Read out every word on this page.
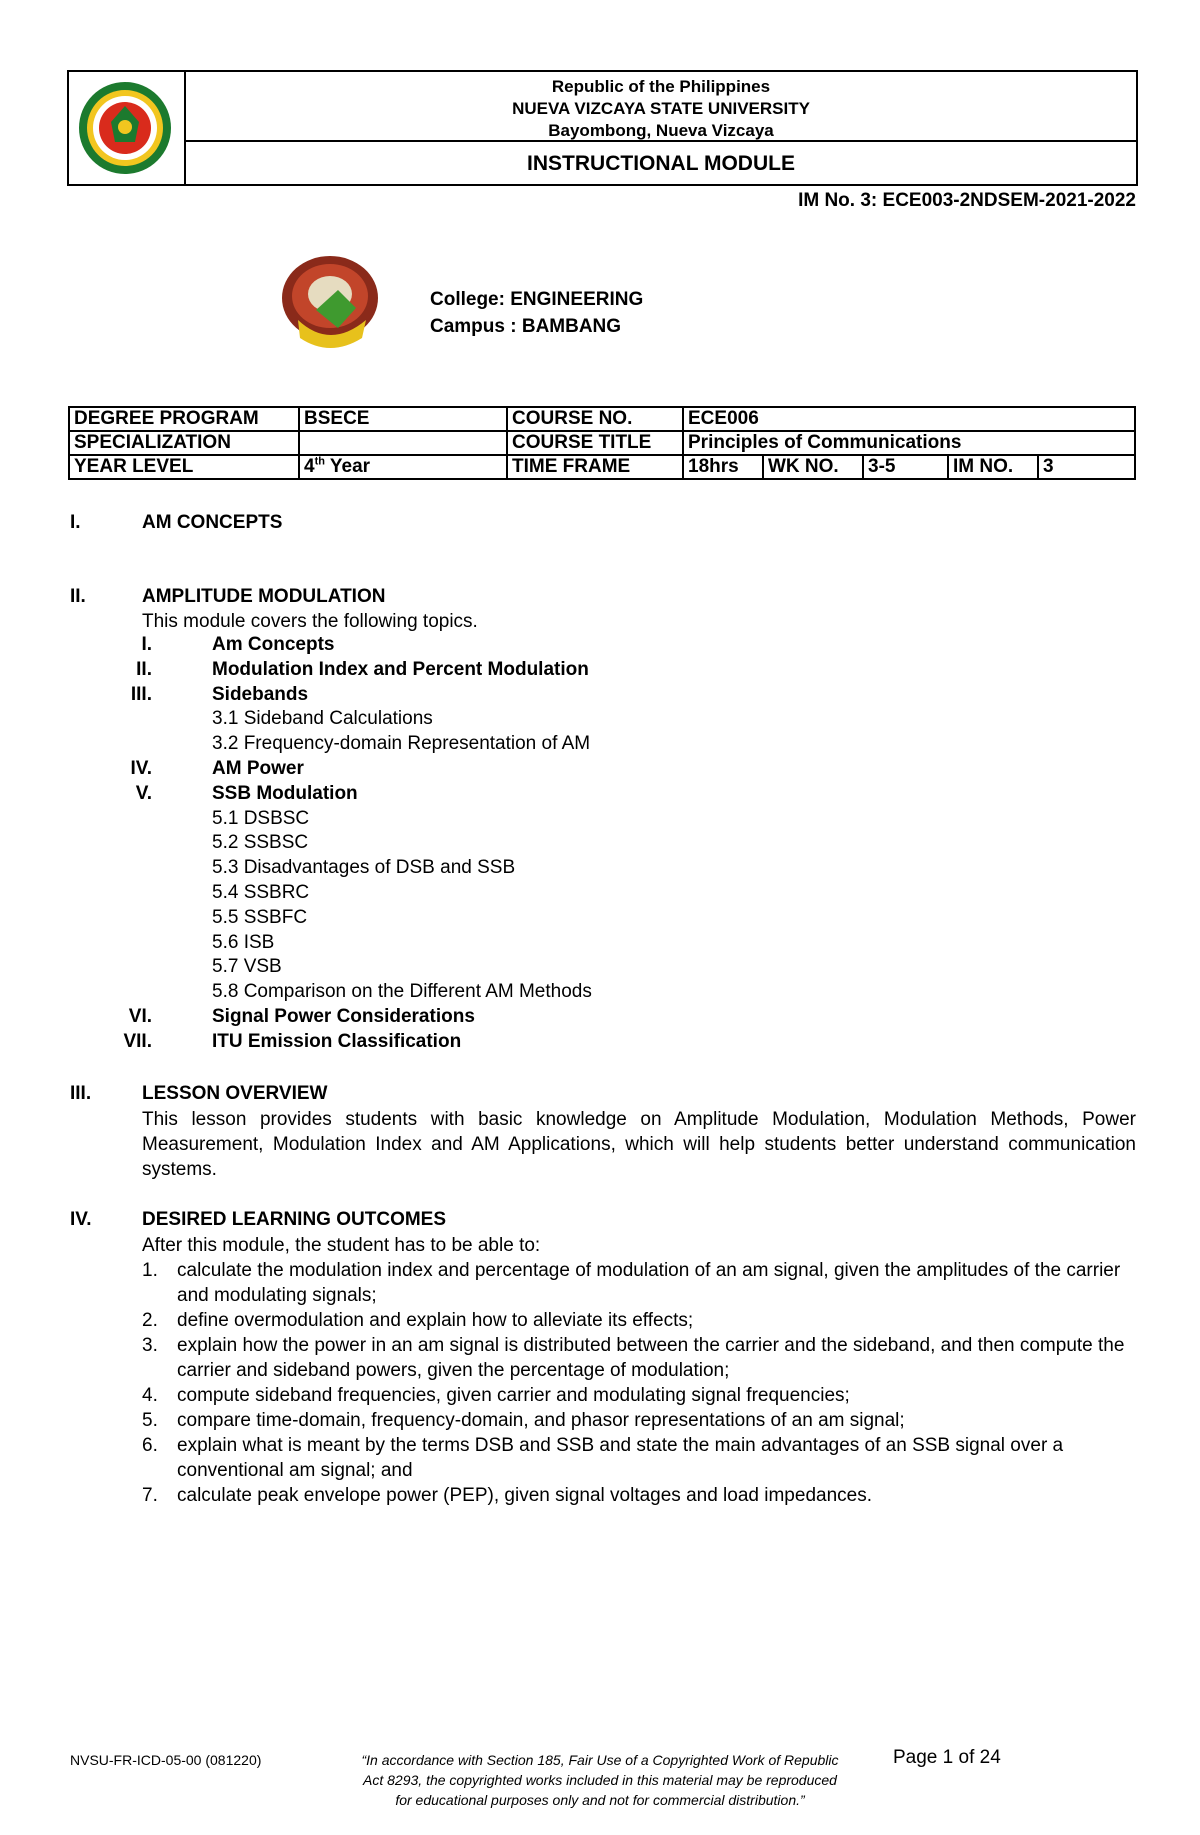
Republic of the Philippines
NUEVA VIZCAYA STATE UNIVERSITY
Bayombong, Nueva Vizcaya
INSTRUCTIONAL MODULE
IM No. 3: ECE003-2NDSEM-2021-2022
College: ENGINEERING
Campus : BAMBANG
DEGREE PROGRAM	BSECE	COURSE NO.	ECE006				
SPECIALIZATION		COURSE TITLE	Principles of Communications				
YEAR LEVEL	4th Year	TIME FRAME	18hrs	WK NO.	3-5	IM NO.	3
I.	AM CONCEPTS
II.	AMPLITUDE MODULATION
This module covers the following topics.
I.	Am Concepts
II.	Modulation Index and Percent Modulation
III.	Sidebands
3.1 Sideband Calculations
3.2 Frequency-domain Representation of AM
IV.	AM Power
V.	SSB Modulation
5.1 DSBSC
5.2 SSBSC
5.3 Disadvantages of DSB and SSB
5.4 SSBRC
5.5 SSBFC
5.6 ISB
5.7 VSB
5.8 Comparison on the Different AM Methods
VI.	Signal Power Considerations
VII.	ITU Emission Classification
III.	LESSON OVERVIEW
This lesson provides students with basic knowledge on Amplitude Modulation, Modulation Methods, Power Measurement, Modulation Index and AM Applications, which will help students better understand communication systems.
IV.	DESIRED LEARNING OUTCOMES
After this module, the student has to be able to:
1. calculate the modulation index and percentage of modulation of an am signal, given the amplitudes of the carrier and modulating signals;
2. define overmodulation and explain how to alleviate its effects;
3. explain how the power in an am signal is distributed between the carrier and the sideband, and then compute the carrier and sideband powers, given the percentage of modulation;
4. compute sideband frequencies, given carrier and modulating signal frequencies;
5. compare time-domain, frequency-domain, and phasor representations of an am signal;
6. explain what is meant by the terms DSB and SSB and state the main advantages of an SSB signal over a conventional am signal; and
7. calculate peak envelope power (PEP), given signal voltages and load impedances.
NVSU-FR-ICD-05-00 (081220)	“In accordance with Section 185, Fair Use of a Copyrighted Work of Republic
Act 8293, the copyrighted works included in this material may be reproduced
for educational purposes only and not for commercial distribution.”
Page 1 of 24
